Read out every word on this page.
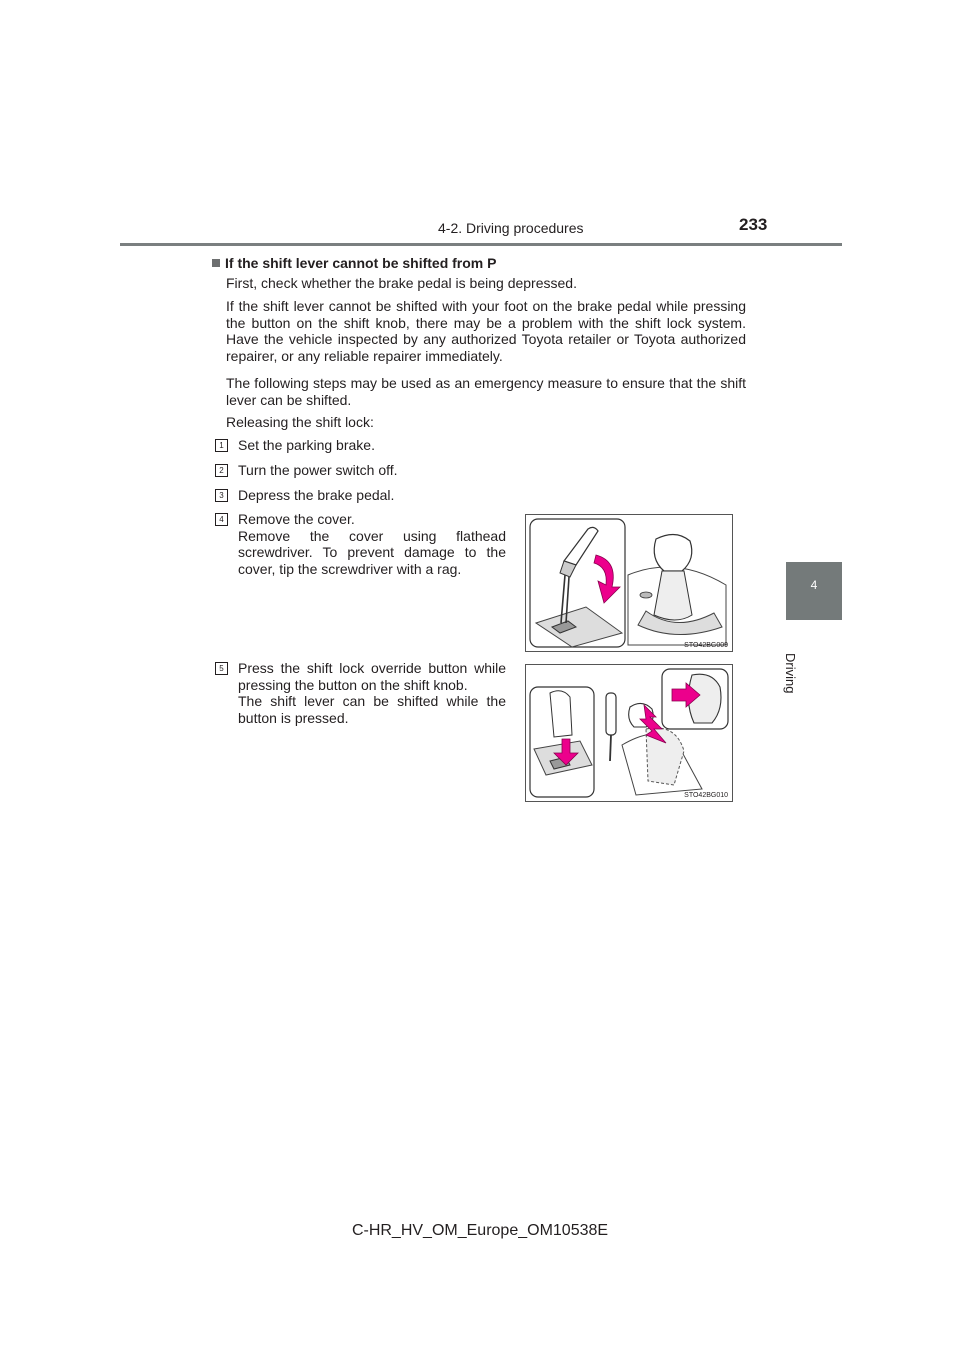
4-2. Driving procedures	233
4
Driving
If the shift lever cannot be shifted from P
First, check whether the brake pedal is being depressed.
If the shift lever cannot be shifted with your foot on the brake pedal while pressing the button on the shift knob, there may be a problem with the shift lock system. Have the vehicle inspected by any authorized Toyota retailer or Toyota authorized repairer, or any reliable repairer immediately.
The following steps may be used as an emergency measure to ensure that the shift lever can be shifted.
Releasing the shift lock:
1	Set the parking brake.
2	Turn the power switch off.
3	Depress the brake pedal.
4	Remove the cover.
Remove the cover using flathead screwdriver. To prevent damage to the cover, tip the screwdriver with a rag.
STO42BG009
5	Press the shift lock override button while pressing the button on the shift knob.
The shift lever can be shifted while the button is pressed.
STO42BG010
C-HR_HV_OM_Europe_OM10538E
